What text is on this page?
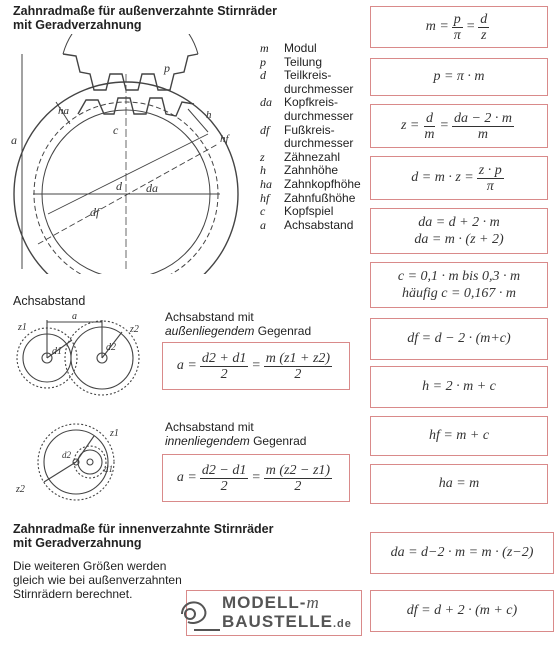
Zahnradmaße für außenverzahnte Stirnräder
mit Geradverzahnung
a
p
c
ha
hf
h
d da
df
m	Modul
p	Teilung
d	Teilkreis-
durchmesser
da	Kopfkreis-
durchmesser
df	Fußkreis-
durchmesser
z	Zähnezahl
h	Zahnhöhe
ha	Zahnkopfhöhe
hf	Zahnfußhöhe
c	Kopfspiel
a	Achsabstand
$m = \frac{p}{\pi} = \frac{d}{z}$
p = π · m
$z = \frac{d}{m} = \frac{da - 2 \cdot m}{m}$
$d = m \cdot z = \frac{z \cdot p}{\pi}$
da = d + 2 · m
da = m · (z + 2)
c = 0,1 · m bis 0,3 · m
häufig c = 0,167 · m
df = d − 2 · (m+c)
h = 2 · m + c
hf = m + c
ha = m
da = d−2 · m = m · (z−2)
df = d + 2 · (m + c)
Achsabstand
z1
a
z2
d1	d2
Achsabstand mit
außenliegendem Gegenrad
$a = \frac{d2 + d1}{2} = \frac{m (z1 + z2)}{2}$
z1
z2
d2
d1
Achsabstand mit
innenliegendem Gegenrad
$a = \frac{d2 - d1}{2} = \frac{m (z2 - z1)}{2}$
Zahnradmaße für innenverzahnte Stirnräder
mit Geradverzahnung
Die weiteren Größen werden
gleich wie bei außenverzahnten
Stirnrädern berechnet.	MODELL-m
BAUSTELLE.de
